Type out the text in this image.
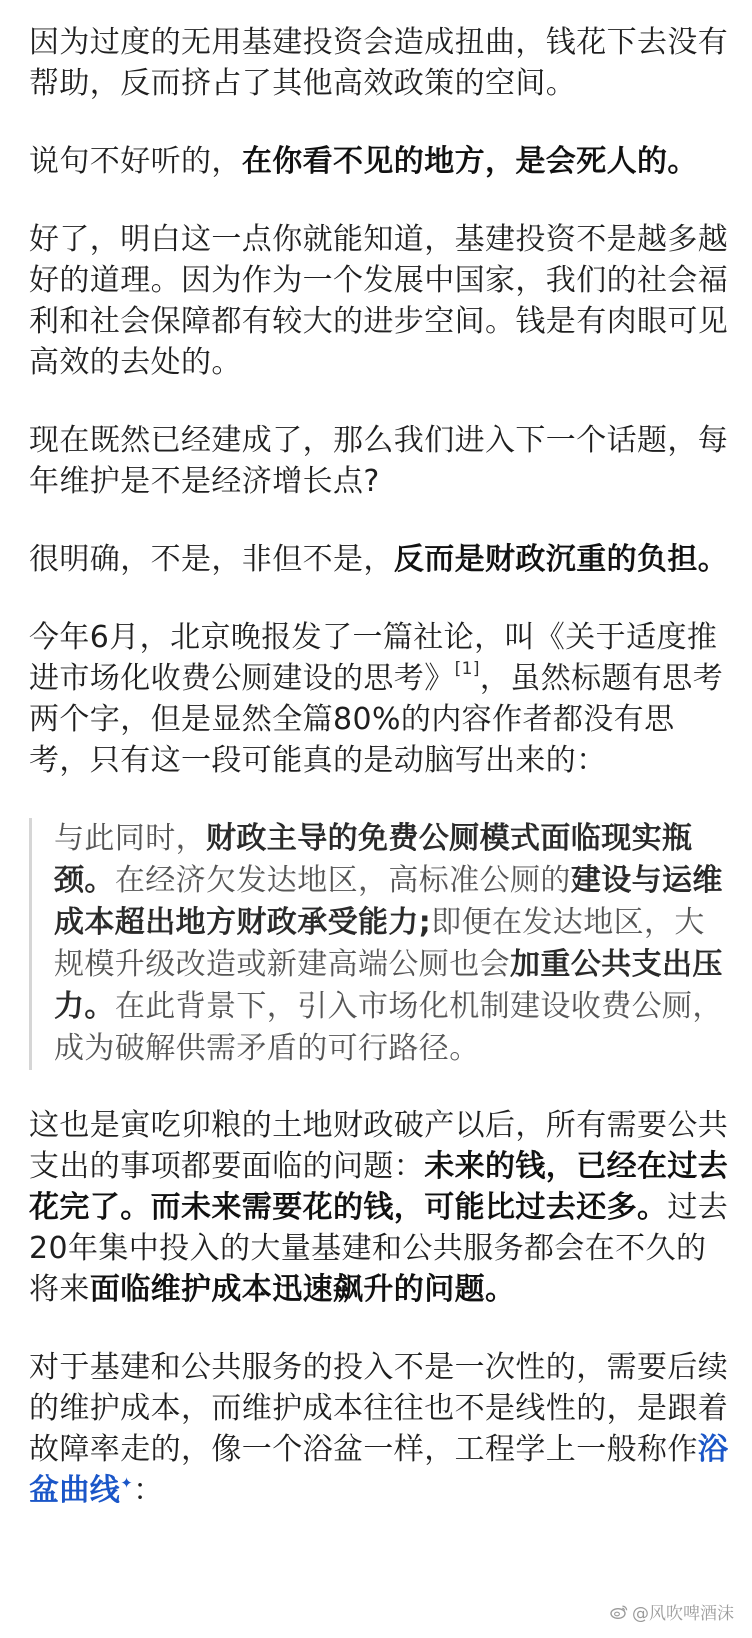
因为过度的无用基建投资会造成扭曲，钱花下去没有帮助，反而挤占了其他高效政策的空间。

说句不好听的，在你看不见的地方，是会死人的。

好了，明白这一点你就能知道，基建投资不是越多越好的道理。因为作为一个发展中国家，我们的社会福利和社会保障都有较大的进步空间。钱是有肉眼可见高效的去处的。

现在既然已经建成了，那么我们进入下一个话题，每年维护是不是经济增长点?

很明确，不是，非但不是，反而是财政沉重的负担。

今年6月，北京晚报发了一篇社论，叫《关于适度推进市场化收费公厕建设的思考》[1]，虽然标题有思考两个字，但是显然全篇80%的内容作者都没有思考，只有这一段可能真的是动脑写出来的：

与此同时，财政主导的免费公厕模式面临现实瓶颈。在经济欠发达地区，高标准公厕的建设与运维成本超出地方财政承受能力;即便在发达地区，大规模升级改造或新建高端公厕也会加重公共支出压力。在此背景下，引入市场化机制建设收费公厕，成为破解供需矛盾的可行路径。

这也是寅吃卯粮的土地财政破产以后，所有需要公共支出的事项都要面临的问题：未来的钱，已经在过去花完了。而未来需要花的钱，可能比过去还多。过去20年集中投入的大量基建和公共服务都会在不久的将来面临维护成本迅速飙升的问题。

对于基建和公共服务的投入不是一次性的，需要后续的维护成本，而维护成本往往也不是线性的，是跟着故障率走的，像一个浴盆一样，工程学上一般称作浴盆曲线✦：

@风吹啤酒沫
